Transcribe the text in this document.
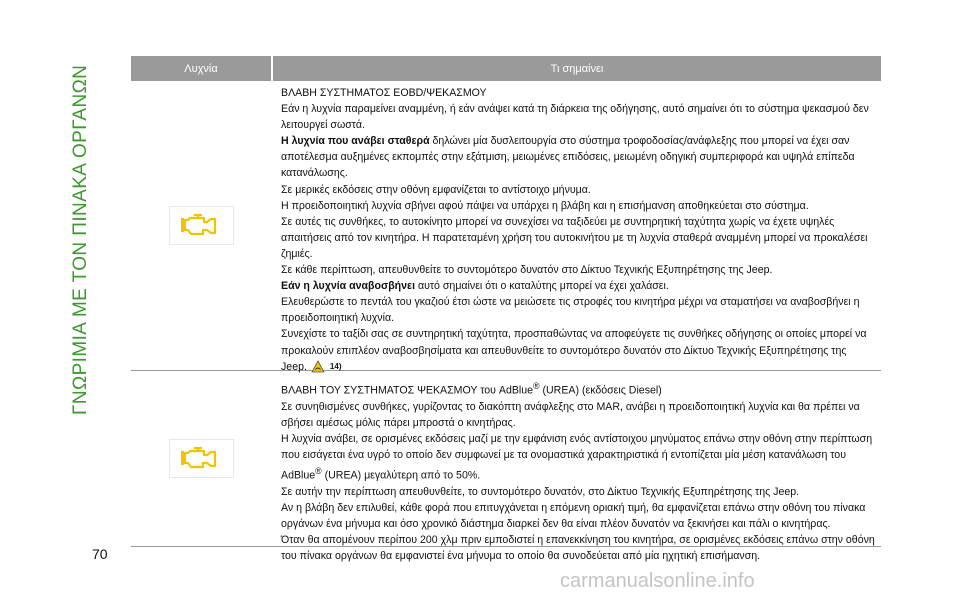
ΓΝΩΡΙΜΙΑ ΜΕ ΤΟΝ ΠΙΝΑΚΑ ΟΡΓΑΝΩΝ	Λυχνία	Τι σημαίνει

ΒΛΑΒΗ ΣΥΣΤΗΜΑΤΟΣ EOBD/ΨΕΚΑΣΜΟΥ

Εάν η λυχνία παραμείνει αναμμένη, ή εάν ανάψει κατά τη διάρκεια της οδήγησης, αυτό σημαίνει ότι το σύστημα ψεκασμού δεν λειτουργεί σωστά.

Η λυχνία που ανάβει σταθερά δηλώνει μία δυσλειτουργία στο σύστημα τροφοδοσίας/ανάφλεξης που μπορεί να έχει σαν αποτέλεσμα αυξημένες εκπομπές στην εξάτμιση, μειωμένες επιδόσεις, μειωμένη οδηγική συμπεριφορά και υψηλά επίπεδα κατανάλωσης.

Σε μερικές εκδόσεις στην οθόνη εμφανίζεται το αντίστοιχο μήνυμα.

Η προειδοποιητική λυχνία σβήνει αφού πάψει να υπάρχει η βλάβη και η επισήμανση αποθηκεύεται στο σύστημα.

Σε αυτές τις συνθήκες, το αυτοκίνητο μπορεί να συνεχίσει να ταξιδεύει με συντηρητική ταχύτητα χωρίς να έχετε υψηλές απαιτήσεις από τον κινητήρα. Η παρατεταμένη χρήση του αυτοκινήτου με τη λυχνία σταθερά αναμμένη μπορεί να προκαλέσει ζημιές.

Σε κάθε περίπτωση, απευθυνθείτε το συντομότερο δυνατόν στο Δίκτυο Τεχνικής Εξυπηρέτησης της Jeep.

Εάν η λυχνία αναβοσβήνει αυτό σημαίνει ότι ο καταλύτης μπορεί να έχει χαλάσει.

Ελευθερώστε το πεντάλ του γκαζιού έτσι ώστε να μειώσετε τις στροφές του κινητήρα μέχρι να σταματήσει να αναβοσβήνει η προειδοποιητική λυχνία.

Συνεχίστε το ταξίδι σας σε συντηρητική ταχύτητα, προσπαθώντας να αποφεύγετε τις συνθήκες οδήγησης οι οποίες μπορεί να προκαλούν επιπλέον αναβοσβησίματα και απευθυνθείτε το συντομότερο δυνατόν στο Δίκτυο Τεχνικής Εξυπηρέτησης της Jeep.	14)

ΒΛΑΒΗ ΤΟΥ ΣΥΣΤΗΜΑΤΟΣ ΨΕΚΑΣΜΟΥ του AdBlue® (UREA) (εκδόσεις Diesel)

Σε συνηθισμένες συνθήκες, γυρίζοντας το διακόπτη ανάφλεξης στο MAR, ανάβει η προειδοποιητική λυχνία και θα πρέπει να σβήσει αμέσως μόλις πάρει μπροστά ο κινητήρας.

Η λυχνία ανάβει, σε ορισμένες εκδόσεις μαζί με την εμφάνιση ενός αντίστοιχου μηνύματος επάνω στην οθόνη στην περίπτωση που εισάγεται ένα υγρό το οποίο δεν συμφωνεί με τα ονομαστικά χαρακτηριστικά ή εντοπίζεται μία μέση κατανάλωση του AdBlue® (UREA) μεγαλύτερη από το 50%.

Σε αυτήν την περίπτωση απευθυνθείτε, το συντομότερο δυνατόν, στο Δίκτυο Τεχνικής Εξυπηρέτησης της Jeep.

Αν η βλάβη δεν επιλυθεί, κάθε φορά που επιτυγχάνεται η επόμενη οριακή τιμή, θα εμφανίζεται επάνω στην οθόνη του πίνακα οργάνων ένα μήνυμα και όσο χρονικό διάστημα διαρκεί δεν θα είναι πλέον δυνατόν να ξεκινήσει και πάλι ο κινητήρας.

Όταν θα απομένουν περίπου 200 χλμ πριν εμποδιστεί η επανεκκίνηση του κινητήρα, σε ορισμένες εκδόσεις επάνω στην οθόνη του πίνακα οργάνων θα εμφανιστεί ένα μήνυμα το οποίο θα συνοδεύεται από μία ηχητική επισήμανση.

70
carmanualsonline.info
